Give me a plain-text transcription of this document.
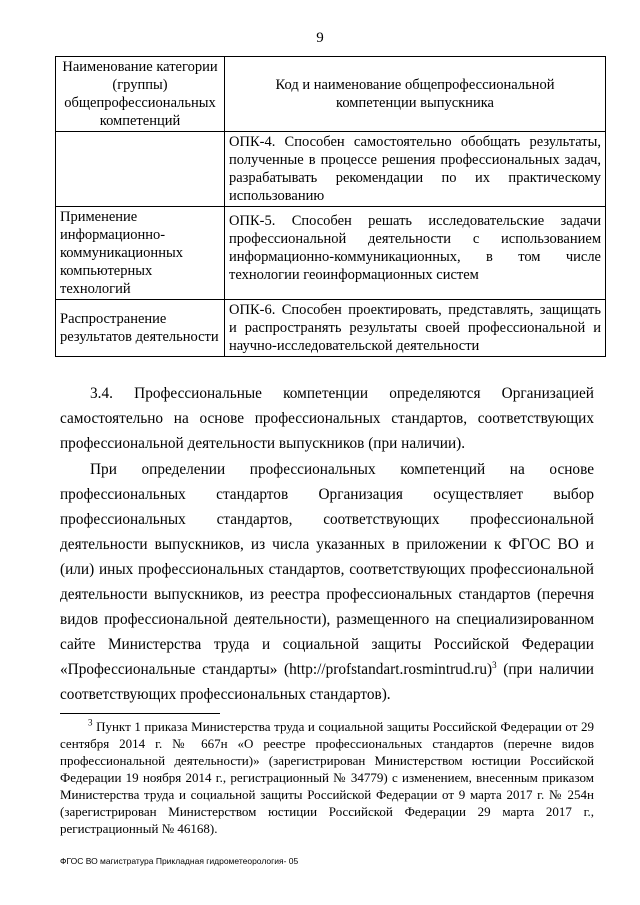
9
Наименование категории (группы) общепрофессиональных компетенций	Код и наименование общепрофессиональной компетенции выпускника
	ОПК-4. Способен самостоятельно обобщать результаты, полученные в процессе решения профессиональных задач, разрабатывать рекомендации по их практическому использованию
Применение информационно-коммуникационных компьютерных технологий	ОПК-5. Способен решать исследовательские задачи профессиональной деятельности с использованием информационно-коммуникационных, в том числе технологии геоинформационных систем
Распространение результатов деятельности	ОПК-6. Способен проектировать, представлять, защищать и распространять результаты своей профессиональной и научно-исследовательской деятельности
3.4. Профессиональные компетенции определяются Организацией самостоятельно на основе профессиональных стандартов, соответствующих профессиональной деятельности выпускников (при наличии).
При определении профессиональных компетенций на основе профессиональных стандартов Организация осуществляет выбор профессиональных стандартов, соответствующих профессиональной деятельности выпускников, из числа указанных в приложении к ФГОС ВО и (или) иных профессиональных стандартов, соответствующих профессиональной деятельности выпускников, из реестра профессиональных стандартов (перечня видов профессиональной деятельности), размещенного на специализированном сайте Министерства труда и социальной защиты Российской Федерации «Профессиональные стандарты» (http://profstandart.rosmintrud.ru)$^3$ (при наличии соответствующих профессиональных стандартов).
$^3$ Пункт 1 приказа Министерства труда и социальной защиты Российской Федерации от 29 сентября 2014 г. № 667н «О реестре профессиональных стандартов (перечне видов профессиональной деятельности)» (зарегистрирован Министерством юстиции Российской Федерации 19 ноября 2014 г., регистрационный № 34779) с изменением, внесенным приказом Министерства труда и социальной защиты Российской Федерации от 9 марта 2017 г. № 254н (зарегистрирован Министерством юстиции Российской Федерации 29 марта 2017 г., регистрационный № 46168).
ФГОС ВО магистратура Прикладная гидрометеорология- 05
